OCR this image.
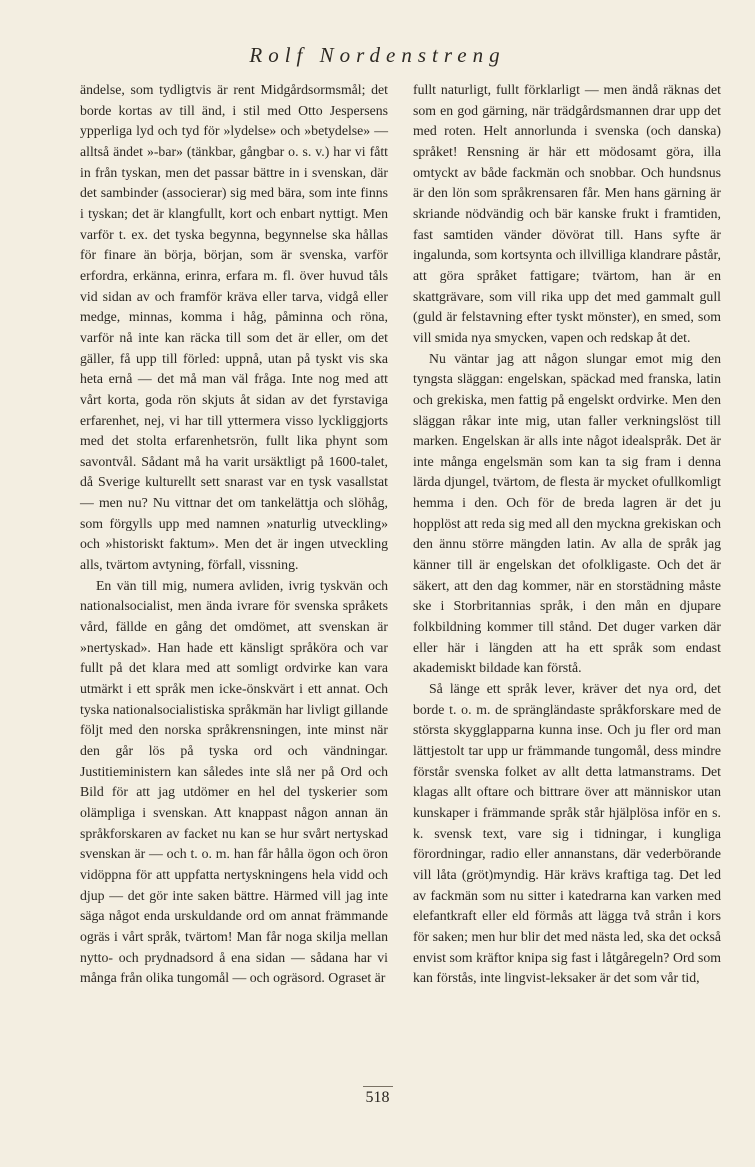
Rolf Nordenstreng

ändelse, som tydligtvis är rent Midgårdsormsmål; det borde kortas av till änd, i stil med Otto Jespersens ypperliga lyd och tyd för »lydelse» och »betydelse» — alltså ändet »-bar» (tänkbar, gångbar o. s. v.) har vi fått in från tyskan, men det passar bättre in i svenskan, där det sambinder (associerar) sig med bära, som inte finns i tyskan; det är klangfullt, kort och enbart nyttigt. Men varför t. ex. det tyska begynna, begynnelse ska hållas för finare än börja, början, som är svenska, varför erfordra, erkänna, erinra, erfara m. fl. över huvud tåls vid sidan av och framför kräva eller tarva, vidgå eller medge, minnas, komma i håg, påminna och röna, varför nå inte kan räcka till som det är eller, om det gäller, få upp till förled: uppnå, utan på tyskt vis ska heta ernå — det må man väl fråga. Inte nog med att vårt korta, goda rön skjuts åt sidan av det fyrstaviga erfarenhet, nej, vi har till yttermera visso lyckliggjorts med det stolta erfarenhetsrön, fullt lika phynt som savontvål. Sådant må ha varit ursäktligt på 1600-talet, då Sverige kulturellt sett snarast var en tysk vasallstat — men nu? Nu vittnar det om tankelättja och slöhåg, som förgylls upp med namnen »naturlig utveckling» och »historiskt faktum». Men det är ingen utveckling alls, tvärtom avtyning, förfall, vissning.

En vän till mig, numera avliden, ivrig tyskvän och nationalsocialist, men ända ivrare för svenska språkets vård, fällde en gång det omdömet, att svenskan är »nertyskad». Han hade ett känsligt språköra och var fullt på det klara med att somligt ordvirke kan vara utmärkt i ett språk men icke-önskvärt i ett annat. Och tyska nationalsocialistiska språkmän har livligt gillande följt med den norska språkrensningen, inte minst när den går lös på tyska ord och vändningar. Justitieministern kan således inte slå ner på Ord och Bild för att jag utdömer en hel del tyskerier som olämpliga i svenskan. Att knappast någon annan än språkforskaren av facket nu kan se hur svårt nertyskad svenskan är — och t. o. m. han får hålla ögon och öron vidöppna för att uppfatta nertyskningens hela vidd och djup — det gör inte saken bättre. Härmed vill jag inte säga något enda urskuldande ord om annat främmande ogräs i vårt språk, tvärtom! Man får noga skilja mellan nytto- och prydnadsord å ena sidan — sådana har vi många från olika tungomål — och ogräsord. Ograset är

fullt naturligt, fullt förklarligt — men ändå räknas det som en god gärning, när trädgårdsmannen drar upp det med roten. Helt annorlunda i svenska (och danska) språket! Rensning är här ett mödosamt göra, illa omtyckt av både fackmän och snobbar. Och hundsnus är den lön som språkrensaren får. Men hans gärning är skriande nödvändig och bär kanske frukt i framtiden, fast samtiden vänder dövörat till. Hans syfte är ingalunda, som kortsynta och illvilliga klandrare påstår, att göra språket fattigare; tvärtom, han är en skattgrävare, som vill rika upp det med gammalt gull (guld är felstavning efter tyskt mönster), en smed, som vill smida nya smycken, vapen och redskap åt det.

Nu väntar jag att någon slungar emot mig den tyngsta släggan: engelskan, späckad med franska, latin och grekiska, men fattig på engelskt ordvirke. Men den släggan råkar inte mig, utan faller verkningslöst till marken. Engelskan är alls inte något idealspråk. Det är inte många engelsmän som kan ta sig fram i denna lärda djungel, tvärtom, de flesta är mycket ofullkomligt hemma i den. Och för de breda lagren är det ju hopplöst att reda sig med all den myckna grekiskan och den ännu större mängden latin. Av alla de språk jag känner till är engelskan det ofolkligaste. Och det är säkert, att den dag kommer, när en storstädning måste ske i Storbritannias språk, i den mån en djupare folkbildning kommer till stånd. Det duger varken där eller här i längden att ha ett språk som endast akademiskt bildade kan förstå.

Så länge ett språk lever, kräver det nya ord, det borde t. o. m. de sprängländaste språkforskare med de största skygglapparna kunna inse. Och ju fler ord man lättjestolt tar upp ur främmande tungomål, dess mindre förstår svenska folket av allt detta latmanstrams. Det klagas allt oftare och bittrare över att människor utan kunskaper i främmande språk står hjälplösa inför en s. k. svensk text, vare sig i tidningar, i kungliga förordningar, radio eller annanstans, där vederbörande vill låta (gröt)myndig. Här krävs kraftiga tag. Det led av fackmän som nu sitter i katedrarna kan varken med elefantkraft eller eld förmås att lägga två strån i kors för saken; men hur blir det med nästa led, ska det också envist som kräftor knipa sig fast i låtgåregeln? Ord som kan förstås, inte lingvist-leksaker är det som vår tid,

518
